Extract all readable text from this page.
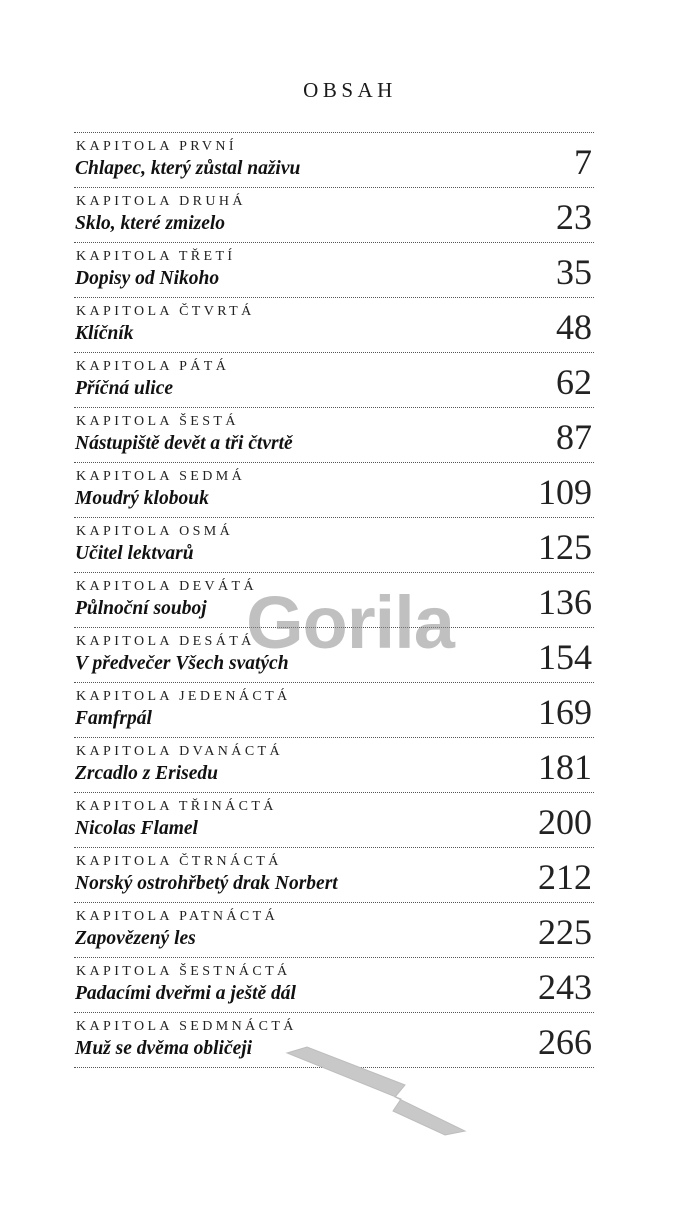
OBSAH
KAPITOLA PRVNÍ
Chlapec, který zůstal naživu	7
KAPITOLA DRUHÁ
Sklo, které zmizelo	23
KAPITOLA TŘETÍ
Dopisy od Nikoho	35
KAPITOLA ČTVRTÁ
Klíčník	48
KAPITOLA PÁTÁ
Příčná ulice	62
KAPITOLA ŠESTÁ
Nástupiště devět a tři čtvrtě	87
KAPITOLA SEDMÁ
Moudrý klobouk	109
KAPITOLA OSMÁ
Učitel lektvarů	125
KAPITOLA DEVÁTÁ
Půlnoční souboj	136
KAPITOLA DESÁTÁ
V předvečer Všech svatých	154
KAPITOLA JEDENÁCTÁ
Famfrpál	169
KAPITOLA DVANÁCTÁ
Zrcadlo z Erisedu	181
KAPITOLA TŘINÁCTÁ
Nicolas Flamel	200
KAPITOLA ČTRNÁCTÁ
Norský ostrohřbetý drak Norbert	212
KAPITOLA PATNÁCTÁ
Zapovězený les	225
KAPITOLA ŠESTNÁCTÁ
Padacími dveřmi a ještě dál	243
KAPITOLA SEDMNÁCTÁ
Muž se dvěma obličeji	266
Gorila
